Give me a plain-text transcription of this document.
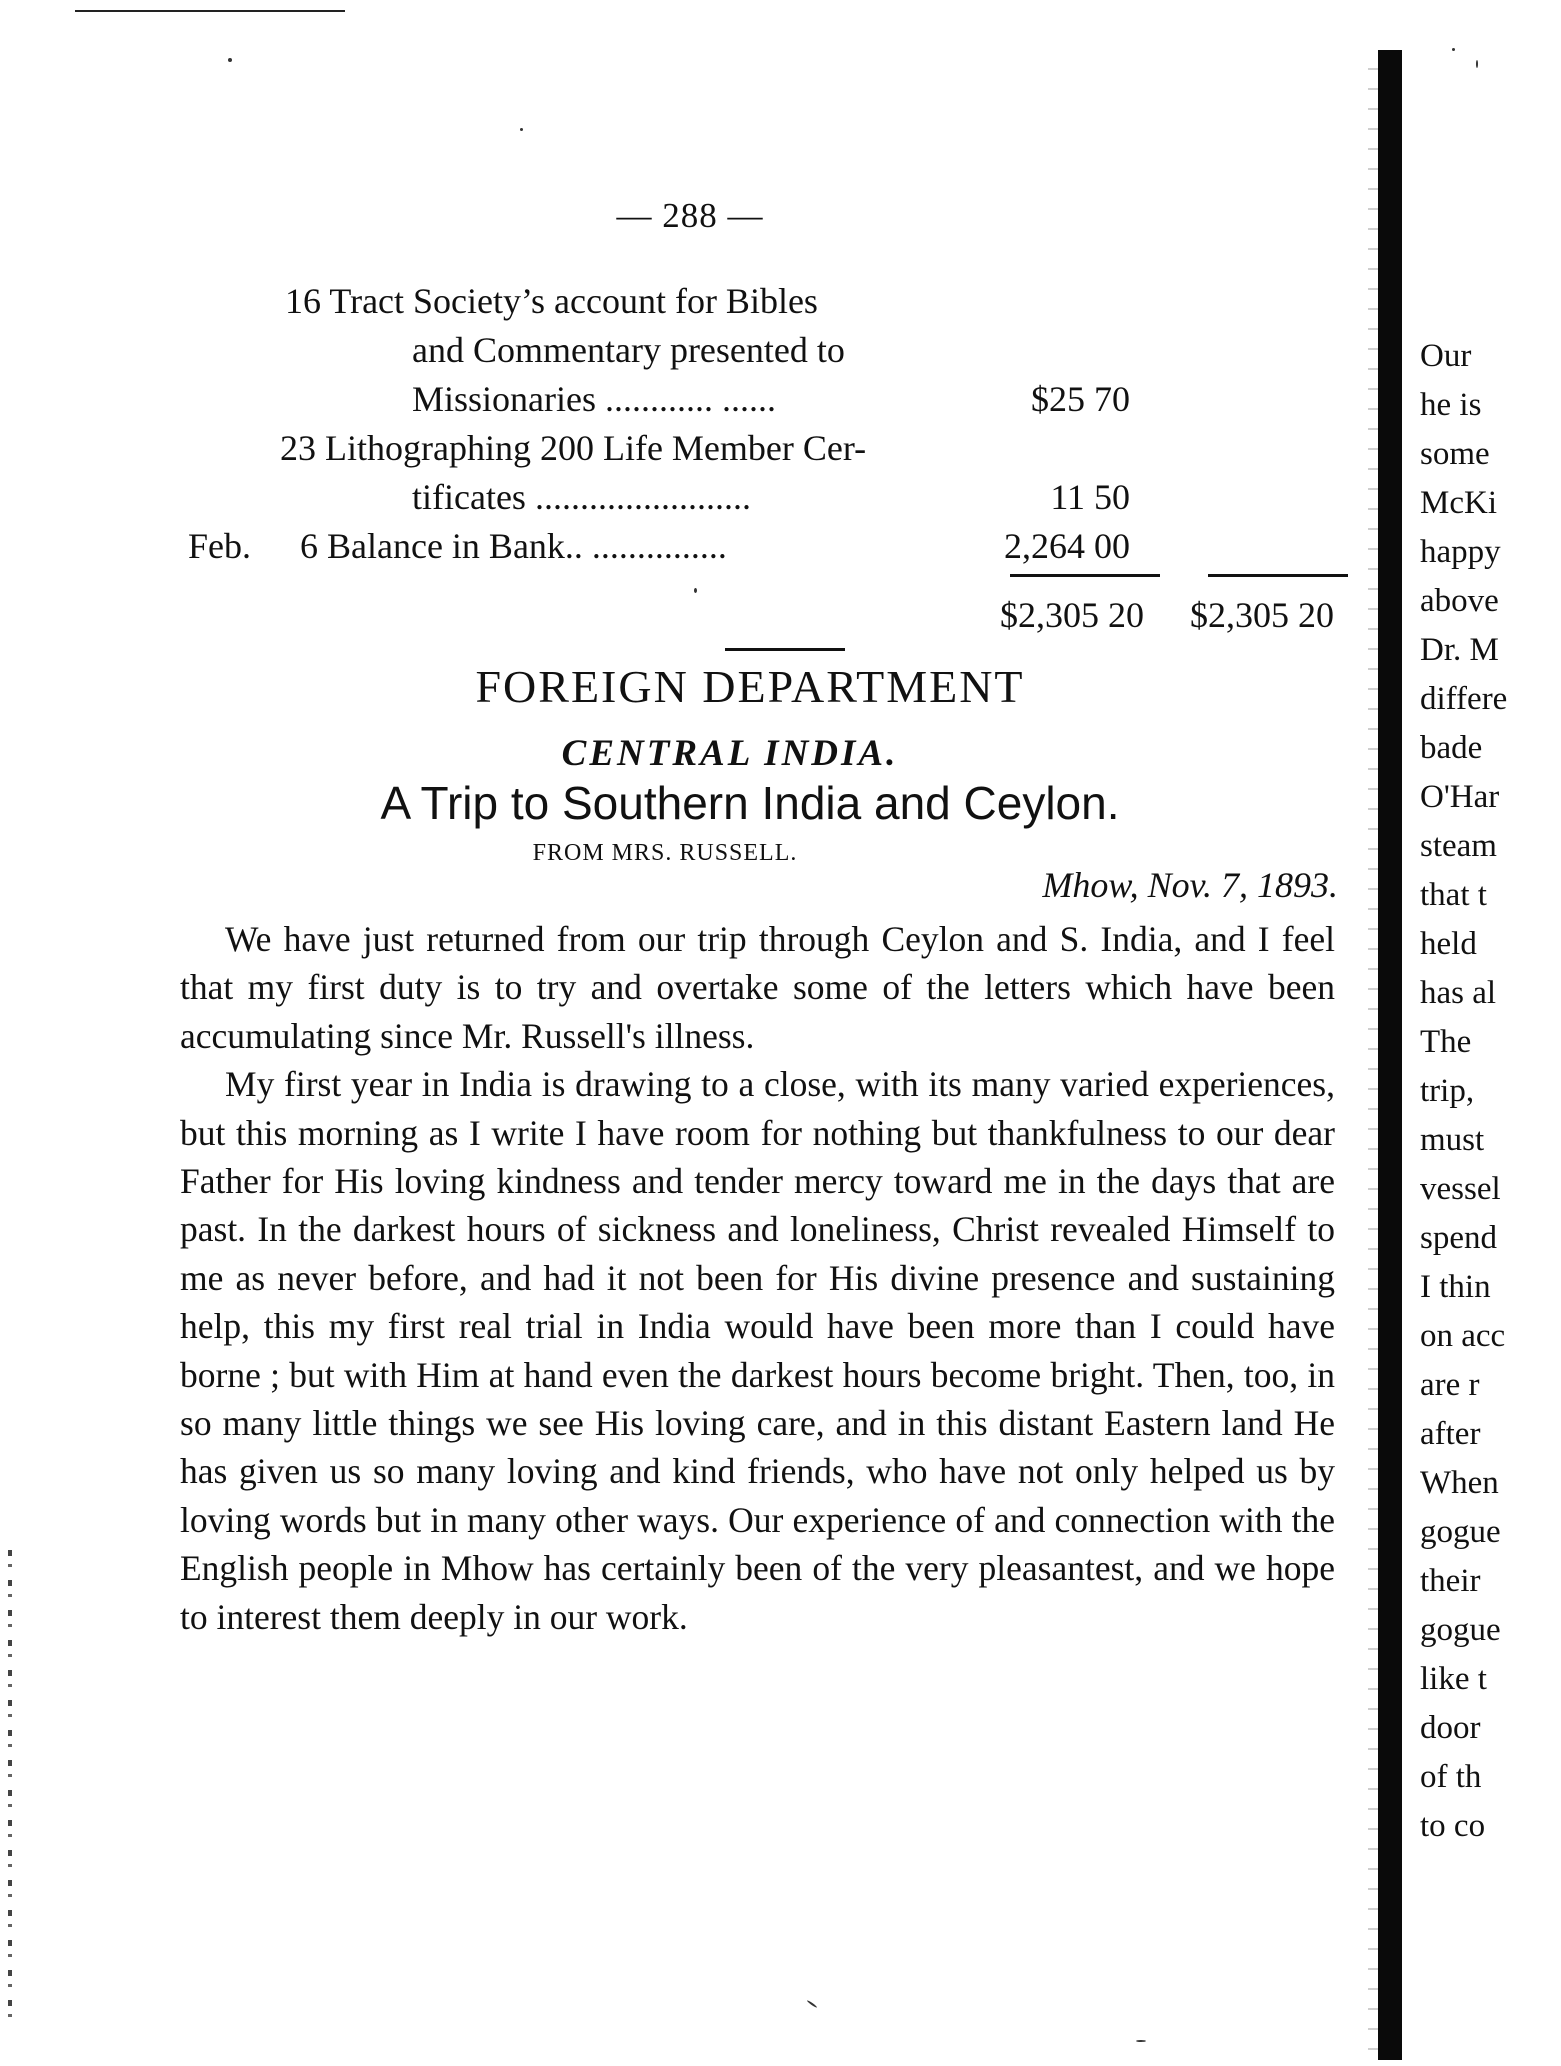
— 288 —
16 Tract Society’s account for Bibles
and Commentary presented to
Missionaries ............ ......	$25 70
23 Lithographing 200 Life Member Cer-
tificates ........................	11 50
Feb. 6 Balance in Bank.. ...............	2,264 00
$2,305 20 $2,305 20
FOREIGN DEPARTMENT
CENTRAL INDIA.
A Trip to Southern India and Ceylon.
FROM MRS. RUSSELL.
Mhow, Nov. 7, 1893.

We have just returned from our trip through Ceylon and S. India, and I feel that my first duty is to try and overtake some of the letters which have been accumulating since Mr. Russell's illness.

My first year in India is drawing to a close, with its many varied experiences, but this morning as I write I have room for nothing but thankfulness to our dear Father for His loving kindness and tender mercy toward me in the days that are past. In the darkest hours of sickness and loneliness, Christ revealed Himself to me as never before, and had it not been for His divine presence and sustaining help, this my first real trial in India would have been more than I could have borne ; but with Him at hand even the darkest hours become bright. Then, too, in so many little things we see His loving care, and in this distant Eastern land He has given us so many loving and kind friends, who have not only helped us by loving words but in many other ways. Our experience of and connection with the English people in Mhow has certainly been of the very pleasantest, and we hope to interest them deeply in our work.

Our
he is
some
McKi
happy
above
Dr. M
differe
bade
O'Har
steam
that t
held
has al
The
trip,
must
vessel
spend
I thin
on acc
are r
after
When
gogue
their
gogue
like t
door
of th
to co
